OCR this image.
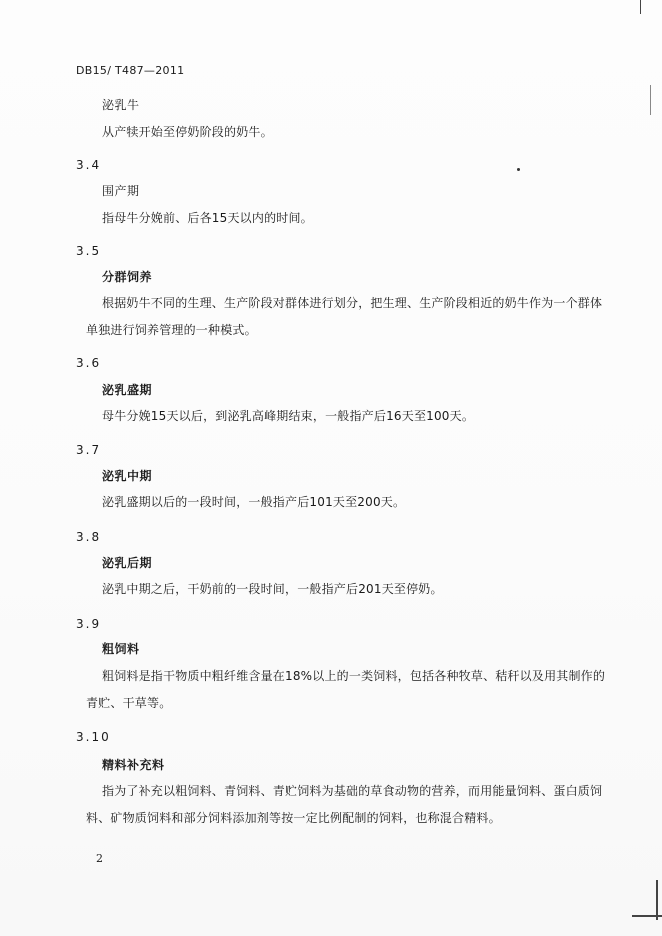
DB15/ T487—2011
泌乳牛
从产犊开始至停奶阶段的奶牛。
3.4
围产期
指母牛分娩前、后各15天以内的时间。
3.5
分群饲养
根据奶牛不同的生理、生产阶段对群体进行划分，把生理、生产阶段相近的奶牛作为一个群体单独进行饲养管理的一种模式。
3.6
泌乳盛期
母牛分娩15天以后，到泌乳高峰期结束，一般指产后16天至100天。
3.7
泌乳中期
泌乳盛期以后的一段时间，一般指产后101天至200天。
3.8
泌乳后期
泌乳中期之后，干奶前的一段时间，一般指产后201天至停奶。
3.9
粗饲料
粗饲料是指干物质中粗纤维含量在18%以上的一类饲料，包括各种牧草、秸秆以及用其制作的青贮、干草等。
3.10
精料补充料
指为了补充以粗饲料、青饲料、青贮饲料为基础的草食动物的营养，而用能量饲料、蛋白质饲料、矿物质饲料和部分饲料添加剂等按一定比例配制的饲料，也称混合精料。
2
